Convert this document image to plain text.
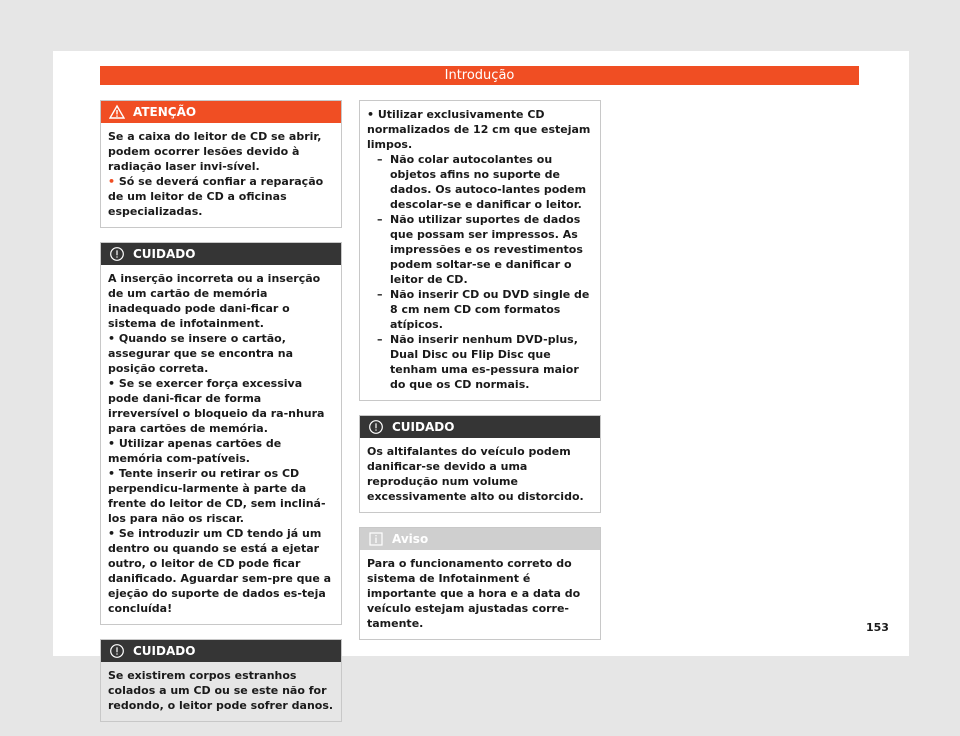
Introdução
ATENÇÃO

Se a caixa do leitor de CD se abrir, podem ocorrer lesões devido à radiação laser invi-sível.

• Só se deverá confiar a reparação de um leitor de CD a oficinas especializadas.

CUIDADO

A inserção incorreta ou a inserção de um cartão de memória inadequado pode dani-ficar o sistema de infotainment.

• Quando se insere o cartão, assegurar que se encontra na posição correta.

• Se se exercer força excessiva pode dani-ficar de forma irreversível o bloqueio da ra-nhura para cartões de memória.

• Utilizar apenas cartões de memória com-patíveis.

• Tente inserir ou retirar os CD perpendicu-larmente à parte da frente do leitor de CD, sem incliná-los para não os riscar.

• Se introduzir um CD tendo já um dentro ou quando se está a ejetar outro, o leitor de CD pode ficar danificado. Aguardar sem-pre que a ejeção do suporte de dados es-teja concluída!

CUIDADO

Se existirem corpos estranhos colados a um CD ou se este não for redondo, o leitor pode sofrer danos.

• Utilizar exclusivamente CD normalizados de 12 cm que estejam limpos.

– Não colar autocolantes ou objetos afins no suporte de dados. Os autoco-lantes podem descolar-se e danificar o leitor.
– Não utilizar suportes de dados que possam ser impressos. As impressões e os revestimentos podem soltar-se e danificar o leitor de CD.
– Não inserir CD ou DVD single de 8 cm nem CD com formatos atípicos.
– Não inserir nenhum DVD-plus, Dual Disc ou Flip Disc que tenham uma es-pessura maior do que os CD normais.
CUIDADO

Os altifalantes do veículo podem danificar-se devido a uma reprodução num volume excessivamente alto ou distorcido.

Aviso

Para o funcionamento correto do sistema de Infotainment é importante que a hora e a data do veículo estejam ajustadas corre-tamente.	153
